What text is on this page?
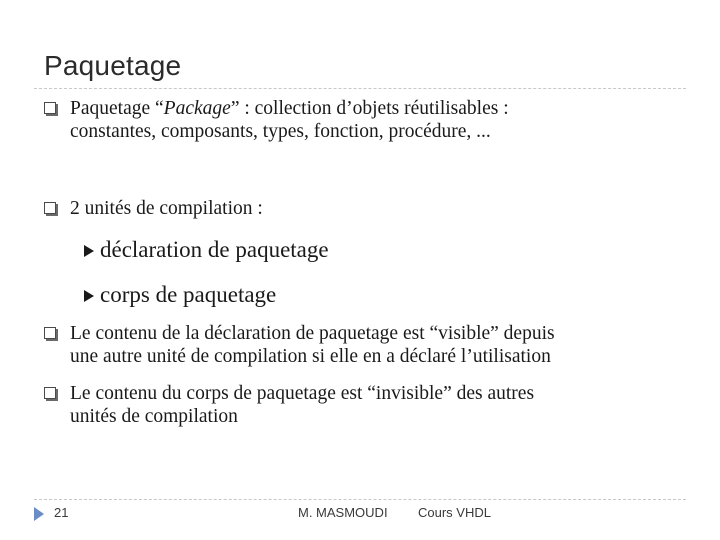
Paquetage
Paquetage “Package” : collection d’objets réutilisables :
constantes, composants, types, fonction, procédure, ...
2 unités de compilation :
déclaration de paquetage
corps de paquetage
Le contenu de la déclaration de paquetage est “visible” depuis
une autre unité de compilation si elle en a déclaré l’utilisation
Le contenu du corps de paquetage est “invisible” des autres
unités de compilation
21	M. MASMOUDI Cours VHDL
